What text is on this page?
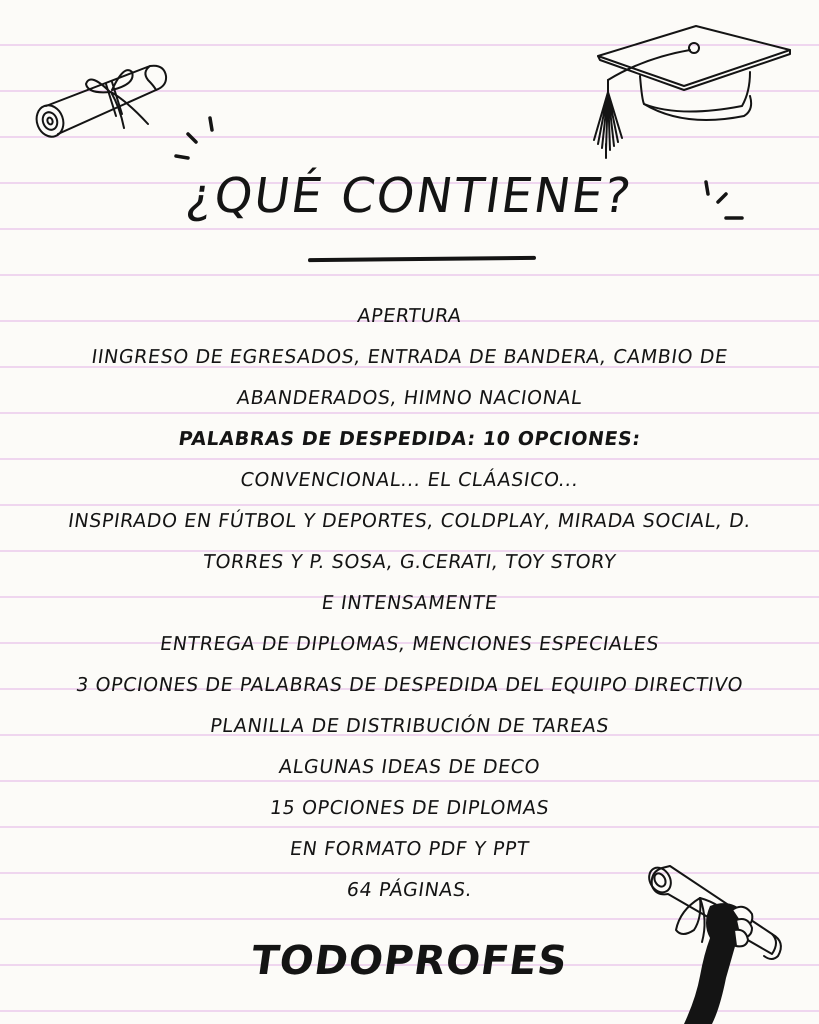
¿QUÉ CONTIENE?
APERTURA
IINGRESO DE EGRESADOS, ENTRADA DE BANDERA, CAMBIO DE
ABANDERADOS, HIMNO NACIONAL
PALABRAS DE DESPEDIDA: 10 OPCIONES:
CONVENCIONAL... EL CLÁASICO...
INSPIRADO EN FÚTBOL Y DEPORTES, COLDPLAY, MIRADA SOCIAL, D.
TORRES Y P. SOSA, G.CERATI, TOY STORY
E INTENSAMENTE
ENTREGA DE DIPLOMAS, MENCIONES ESPECIALES
3 OPCIONES DE PALABRAS DE DESPEDIDA DEL EQUIPO DIRECTIVO
PLANILLA DE DISTRIBUCIÓN DE TAREAS
ALGUNAS IDEAS DE DECO
15 OPCIONES DE DIPLOMAS
EN FORMATO PDF Y PPT
64 PÁGINAS.
TODOPROFES
